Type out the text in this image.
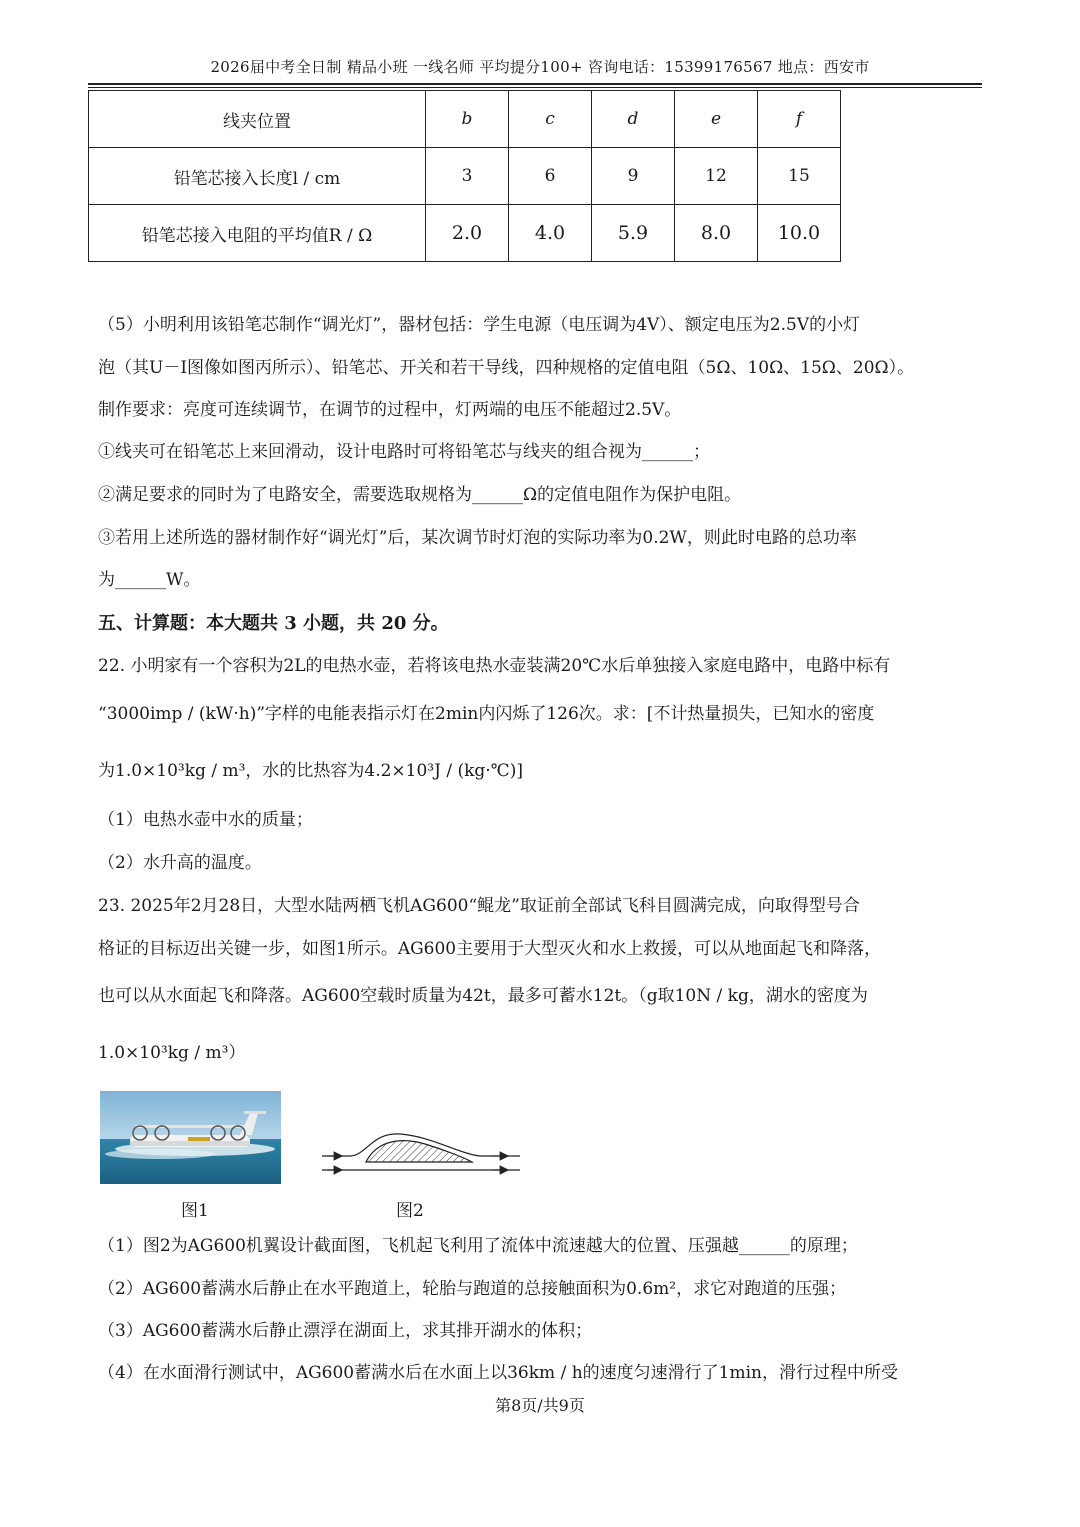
2026届中考全日制 精品小班 一线名师 平均提分100+ 咨询电话：15399176567 地点：西安市
线夹位置	b	c	d	e	f
铅笔芯接入长度l / cm	3	6	9	12	15
铅笔芯接入电阻的平均值R / Ω	2.0	4.0	5.9	8.0	10.0
（5）小明利用该铅笔芯制作“调光灯”，器材包括：学生电源（电压调为4V）、额定电压为2.5V的小灯
泡（其U－I图像如图丙所示）、铅笔芯、开关和若干导线，四种规格的定值电阻（5Ω、10Ω、15Ω、20Ω）。
制作要求：亮度可连续调节，在调节的过程中，灯两端的电压不能超过2.5V。
①线夹可在铅笔芯上来回滑动，设计电路时可将铅笔芯与线夹的组合视为______；
②满足要求的同时为了电路安全，需要选取规格为______Ω的定值电阻作为保护电阻。
③若用上述所选的器材制作好“调光灯”后，某次调节时灯泡的实际功率为0.2W，则此时电路的总功率
为______W。
五、计算题：本大题共 3 小题，共 20 分。
22. 小明家有一个容积为2L的电热水壶，若将该电热水壶装满20℃水后单独接入家庭电路中，电路中标有
“3000imp / (kW·h)”字样的电能表指示灯在2min内闪烁了126次。求：[不计热量损失，已知水的密度
为1.0×10³kg / m³，水的比热容为4.2×10³J / (kg·℃)]
（1）电热水壶中水的质量；
（2）水升高的温度。
23. 2025年2月28日，大型水陆两栖飞机AG600“鲲龙”取证前全部试飞科目圆满完成，向取得型号合
格证的目标迈出关键一步，如图1所示。AG600主要用于大型灭火和水上救援，可以从地面起飞和降落，
也可以从水面起飞和降落。AG600空载时质量为42t，最多可蓄水12t。（g取10N / kg，湖水的密度为
1.0×10³kg / m³）
图1	图2
（1）图2为AG600机翼设计截面图，飞机起飞利用了流体中流速越大的位置、压强越______的原理；
（2）AG600蓄满水后静止在水平跑道上，轮胎与跑道的总接触面积为0.6m²，求它对跑道的压强；
（3）AG600蓄满水后静止漂浮在湖面上，求其排开湖水的体积；
（4）在水面滑行测试中，AG600蓄满水后在水面上以36km / h的速度匀速滑行了1min，滑行过程中所受
第8页/共9页
